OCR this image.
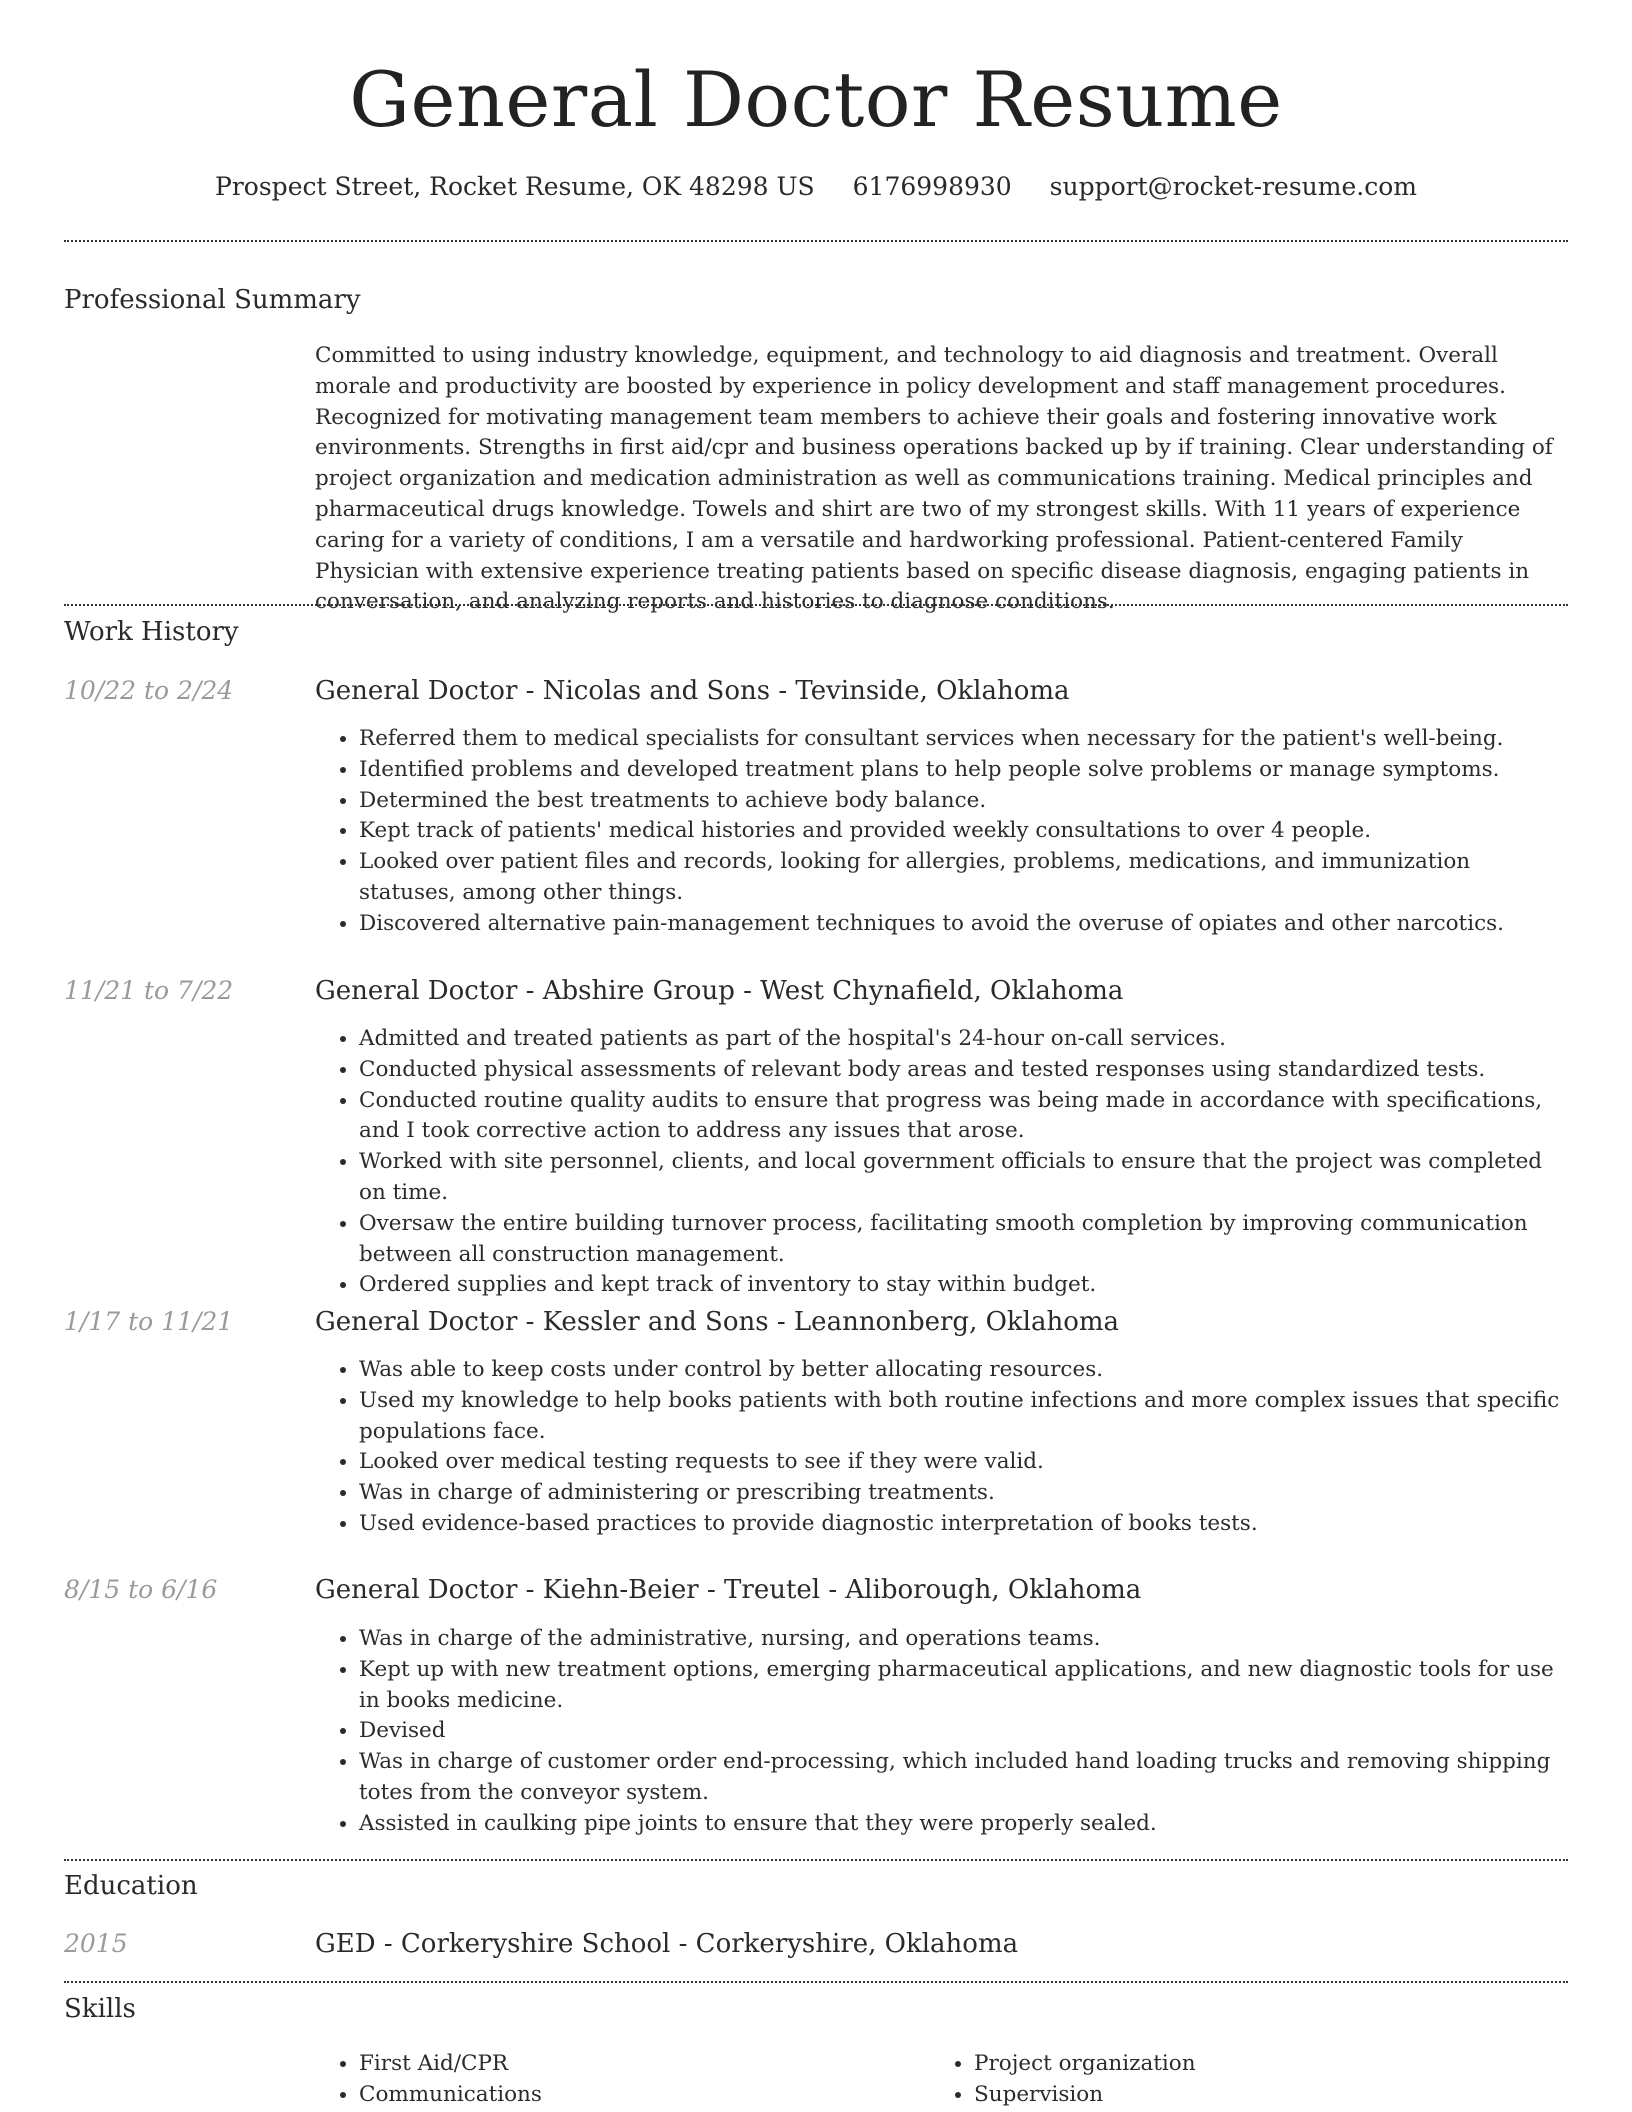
General Doctor Resume
Prospect Street, Rocket Resume, OK 48298 US 6176998930 support@rocket-resume.com
Professional Summary
Committed to using industry knowledge, equipment, and technology to aid diagnosis and treatment. Overall morale and productivity are boosted by experience in policy development and staff management procedures. Recognized for motivating management team members to achieve their goals and fostering innovative work environments. Strengths in first aid/cpr and business operations backed up by if training. Clear understanding of project organization and medication administration as well as communications training. Medical principles and pharmaceutical drugs knowledge. Towels and shirt are two of my strongest skills. With 11 years of experience caring for a variety of conditions, I am a versatile and hardworking professional. Patient-centered Family Physician with extensive experience treating patients based on specific disease diagnosis, engaging patients in conversation, and analyzing reports and histories to diagnose conditions.
Work History
10/22 to 2/24	General Doctor - Nicolas and Sons - Tevinside, Oklahoma
• Referred them to medical specialists for consultant services when necessary for the patient's well-being.
• Identified problems and developed treatment plans to help people solve problems or manage symptoms.
• Determined the best treatments to achieve body balance.
• Kept track of patients' medical histories and provided weekly consultations to over 4 people.
• Looked over patient files and records, looking for allergies, problems, medications, and immunization statuses, among other things.
• Discovered alternative pain-management techniques to avoid the overuse of opiates and other narcotics.
11/21 to 7/22	General Doctor - Abshire Group - West Chynafield, Oklahoma
• Admitted and treated patients as part of the hospital's 24-hour on-call services.
• Conducted physical assessments of relevant body areas and tested responses using standardized tests.
• Conducted routine quality audits to ensure that progress was being made in accordance with specifications, and I took corrective action to address any issues that arose.
• Worked with site personnel, clients, and local government officials to ensure that the project was completed on time.
• Oversaw the entire building turnover process, facilitating smooth completion by improving communication between all construction management.
• Ordered supplies and kept track of inventory to stay within budget.
1/17 to 11/21	General Doctor - Kessler and Sons - Leannonberg, Oklahoma
• Was able to keep costs under control by better allocating resources.
• Used my knowledge to help books patients with both routine infections and more complex issues that specific populations face.
• Looked over medical testing requests to see if they were valid.
• Was in charge of administering or prescribing treatments.
• Used evidence-based practices to provide diagnostic interpretation of books tests.
8/15 to 6/16	General Doctor - Kiehn-Beier - Treutel - Aliborough, Oklahoma
• Was in charge of the administrative, nursing, and operations teams.
• Kept up with new treatment options, emerging pharmaceutical applications, and new diagnostic tools for use in books medicine.
• Devised
• Was in charge of customer order end-processing, which included hand loading trucks and removing shipping totes from the conveyor system.
• Assisted in caulking pipe joints to ensure that they were properly sealed.
Education
2015	GED - Corkeryshire School - Corkeryshire, Oklahoma
Skills
• First Aid/CPR
• Communications
• Project organization
• Supervision
